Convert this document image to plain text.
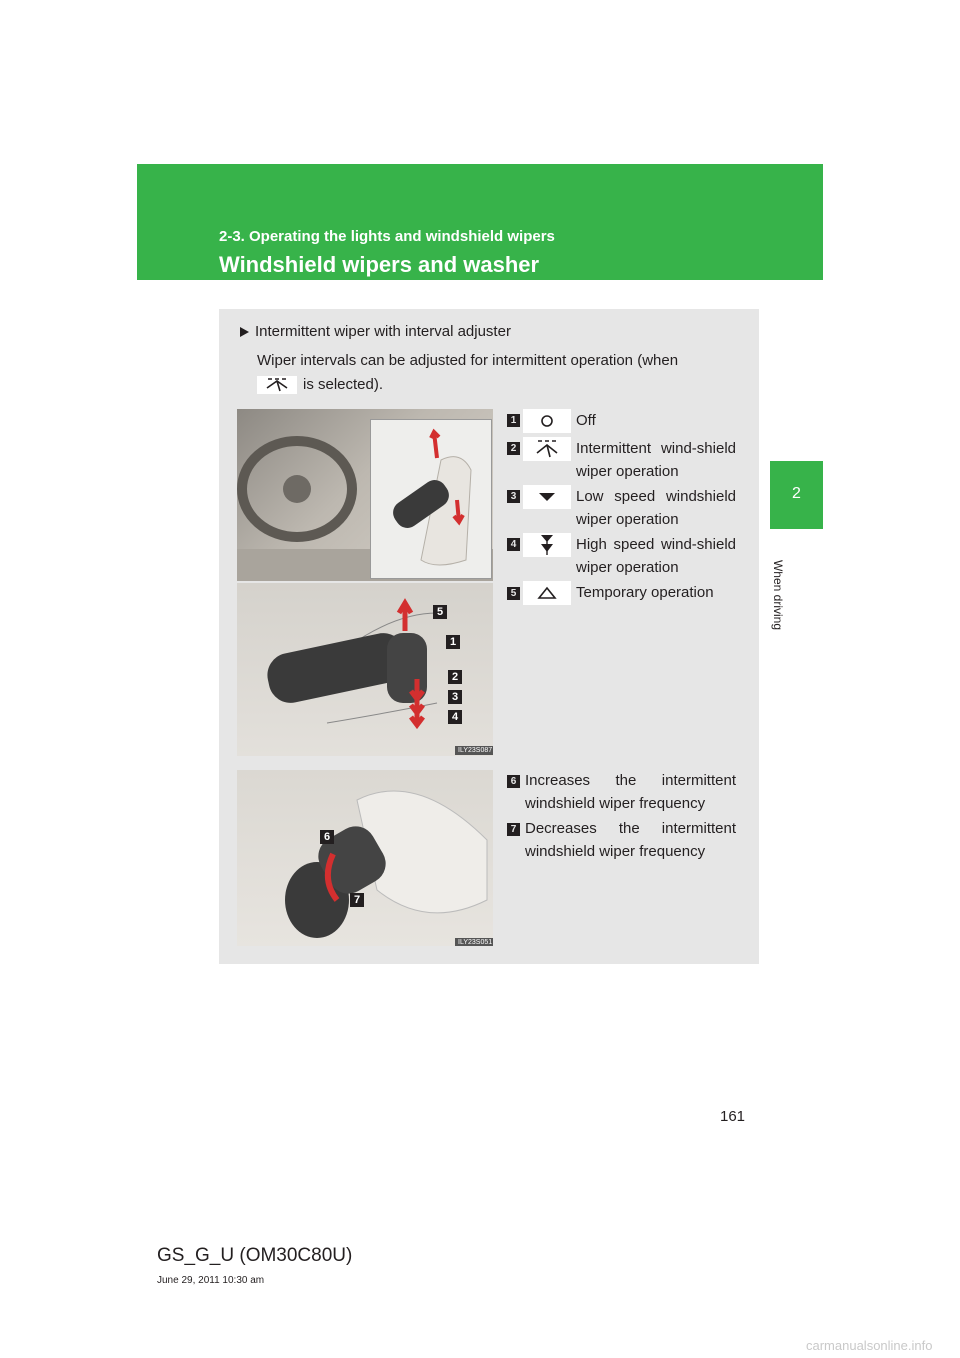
2-3. Operating the lights and windshield wipers
Windshield wipers and washer
2
When driving
Intermittent wiper with interval adjuster
Wiper intervals can be adjusted for intermittent operation (when
is selected).
5
1
2
3
4
ILY23S087
6
7
ILY23S051
1	Off
2	Intermittent wind-shield wiper operation
3	Low speed windshield wiper operation
4	High speed wind-shield wiper operation
5	Temporary operation
6 Increases the intermittent windshield wiper frequency
7 Decreases the intermittent windshield wiper frequency
161
GS_G_U (OM30C80U)
June 29, 2011 10:30 am
carmanualsonline.info
